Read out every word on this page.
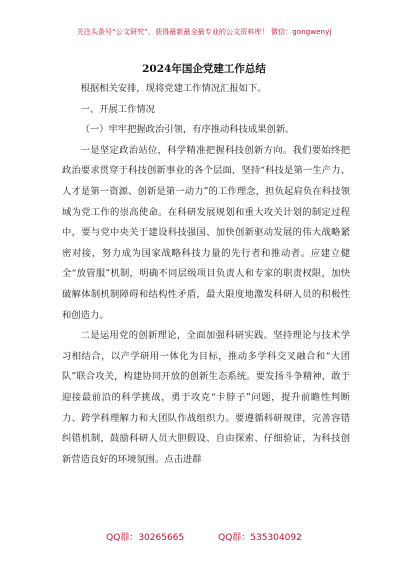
关注头条号“公文研究”，获得最新最全最专业的公文资料库！ 微信：gongwenyj
2024年国企党建工作总结

根据相关安排，现将党建工作情况汇报如下。

一、开展工作情况

（一）牢牢把握政治引领，有序推动科技成果创新。

一是坚定政治站位，科学精准把握科技创新方向。我们要始终把政治要求贯穿于科技创新事业的各个层面，坚持“科技是第一生产力、人才是第一资源、创新是第一动力”的工作理念，担负起肩负在科技领域为党工作的崇高使命。在科研发展规划和重大攻关计划的制定过程中，要与党中央关于建设科技强国、加快创新驱动发展的伟大战略紧密对接，努力成为国家战略科技力量的先行者和推动者。应建立健全“放管服”机制，明确不同层级项目负责人和专家的职责权限，加快破解体制机制障碍和结构性矛盾，最大限度地激发科研人员的积极性和创造力。

二是运用党的创新理论，全面加强科研实践。坚持理论与技术学习相结合，以产学研用一体化为目标，推动多学科交叉融合和“大团队”联合攻关，构建协同开放的创新生态系统。要发扬斗争精神，敢于迎接最前沿的科学挑战，勇于攻克“卡脖子”问题，提升前瞻性判断力、跨学科理解力和大团队作战组织力。要遵循科研规律，完善容错纠错机制，鼓励科研人员大胆假设、自由探索、仔细验证，为科技创新营造良好的环境氛围。点击进群

QQ群：30265665	QQ群：535304092
